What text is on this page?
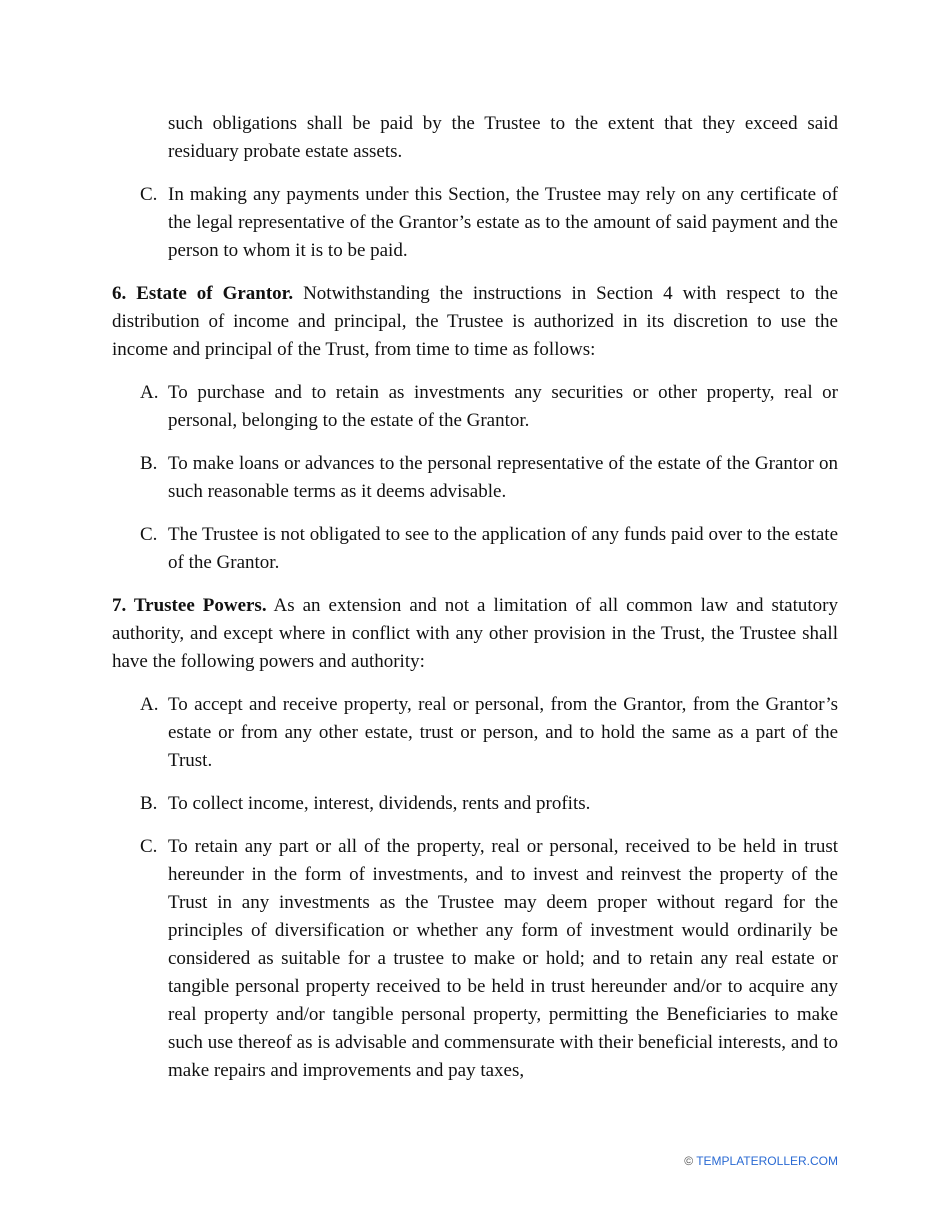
such obligations shall be paid by the Trustee to the extent that they exceed said residuary probate estate assets.

C. In making any payments under this Section, the Trustee may rely on any certificate of the legal representative of the Grantor’s estate as to the amount of said payment and the person to whom it is to be paid.

6. Estate of Grantor. Notwithstanding the instructions in Section 4 with respect to the distribution of income and principal, the Trustee is authorized in its discretion to use the income and principal of the Trust, from time to time as follows:

A. To purchase and to retain as investments any securities or other property, real or personal, belonging to the estate of the Grantor.
B. To make loans or advances to the personal representative of the estate of the Grantor on such reasonable terms as it deems advisable.
C. The Trustee is not obligated to see to the application of any funds paid over to the estate of the Grantor.

7. Trustee Powers. As an extension and not a limitation of all common law and statutory authority, and except where in conflict with any other provision in the Trust, the Trustee shall have the following powers and authority:

A. To accept and receive property, real or personal, from the Grantor, from the Grantor’s estate or from any other estate, trust or person, and to hold the same as a part of the Trust.
B. To collect income, interest, dividends, rents and profits.
C. To retain any part or all of the property, real or personal, received to be held in trust hereunder in the form of investments, and to invest and reinvest the property of the Trust in any investments as the Trustee may deem proper without regard for the principles of diversification or whether any form of investment would ordinarily be considered as suitable for a trustee to make or hold; and to retain any real estate or tangible personal property received to be held in trust hereunder and/or to acquire any real property and/or tangible personal property, permitting the Beneficiaries to make such use thereof as is advisable and commensurate with their beneficial interests, and to make repairs and improvements and pay taxes,
© TEMPLATEROLLER.COM
